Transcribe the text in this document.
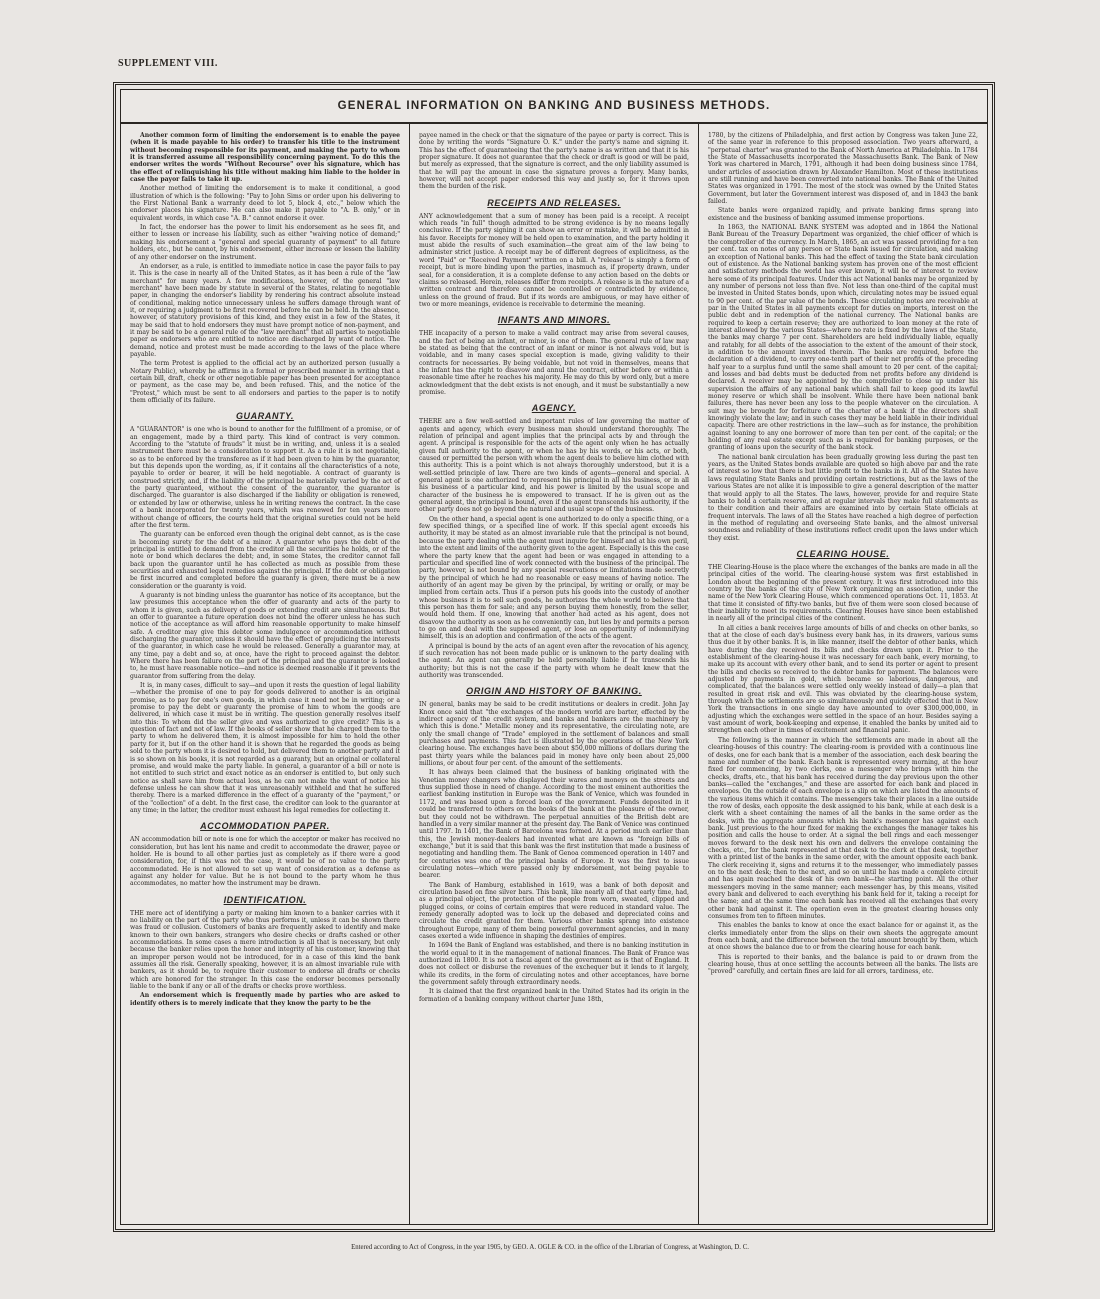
SUPPLEMENT VIII.
GENERAL INFORMATION ON BANKING AND BUSINESS METHODS.

Another common form of limiting the endorsement is to enable the payee (when it is made payable to his order) to transfer his title to the instrument without becoming responsible for its payment, and making the party to whom it is transferred assume all responsibility concerning payment. To do this the endorser writes the words "Without Recourse" over his signature, which has the effect of relinquishing his title without making him liable to the holder in case the payor fails to take it up.

Another method of limiting the endorsement is to make it conditional, a good illustration of which is the following: "Pay to John Sims or order upon his delivering to the First National Bank a warranty deed to lot 5, block 4, etc.," below which the endorser places his signature. He can also make it payable to "A. B. only," or in equivalent words, in which case "A. B." cannot endorse it over.

In fact, the endorser has the power to limit his endorsement as he sees fit, and either to lessen or increase his liability, such as either "waiving notice of demand;" making his endorsement a "general and special guaranty of payment" to all future holders, etc., but he cannot, by his endorsement, either increase or lessen the liability of any other endorser on the instrument.

An endorser, as a rule, is entitled to immediate notice in case the payor fails to pay it. This is the case in nearly all of the United States, as it has been a rule of the "law merchant" for many years. A few modifications, however, of the general "law merchant" have been made by statute in several of the States, relating to negotiable paper, in changing the endorser's liability by rendering his contract absolute instead of conditional, making notice unnecessary unless he suffers damage through want of it, or requiring a judgment to be first recovered before he can be held. In the absence, however, of statutory provisions of this kind, and they exist in a few of the States, it may be said that to hold endorsers they must have prompt notice of non-payment, and it may be said to be a general rule of the "law merchant" that all parties to negotiable paper as endorsers who are entitled to notice are discharged by want of notice. The demand, notice and protest must be made according to the laws of the place where payable.

The term Protest is applied to the official act by an authorized person (usually a Notary Public), whereby he affirms in a formal or prescribed manner in writing that a certain bill, draft, check or other negotiable paper has been presented for acceptance or payment, as the case may be, and been refused. This, and the notice of the "Protest," which must be sent to all endorsers and parties to the paper is to notify them officially of its failure.

GUARANTY.

A "GUARANTOR" is one who is bound to another for the fulfillment of a promise, or of an engagement, made by a third party. This kind of contract is very common. According to the "statute of frauds" it must be in writing, and, unless it is a sealed instrument there must be a consideration to support it. As a rule it is not negotiable, so as to be enforced by the transferee as if it had been given to him by the guarantor, but this depends upon the wording, as, if it contains all the characteristics of a note, payable to order or bearer, it will be held negotiable. A contract of guaranty is construed strictly, and, if the liability of the principal be materially varied by the act of the party guaranteed, without the consent of the guarantor, the guarantor is discharged. The guarantor is also discharged if the liability or obligation is renewed, or extended by law or otherwise, unless he in writing renews the contract. In the case of a bank incorporated for twenty years, which was renewed for ten years more without change of officers, the courts held that the original sureties could not be held after the first term.

The guaranty can be enforced even though the original debt cannot, as is the case in becoming surety for the debt of a minor. A guarantor who pays the debt of the principal is entitled to demand from the creditor all the securities he holds, or of the note or bond which declares the debt; and, in some States, the creditor cannot fall back upon the guarantor until he has collected as much as possible from these securities and exhausted legal remedies against the principal. If the debt or obligation be first incurred and completed before the guaranty is given, there must be a new consideration or the guaranty is void.

A guaranty is not binding unless the guarantor has notice of its acceptance, but the law presumes this acceptance when the offer of guaranty and acts of the party to whom it is given, such as delivery of goods or extending credit are simultaneous. But an offer to guarantee a future operation does not bind the offerer unless he has such notice of the acceptance as will afford him reasonable opportunity to make himself safe. A creditor may give this debtor some indulgence or accommodation without discharging the guarantor, unless it should have the effect of prejudicing the interests of the guarantor, in which case he would be released. Generally a guarantor may, at any time, pay a debt and so, at once, have the right to proceed against the debtor. Where there has been failure on the part of the principal and the guarantor is looked to, he must have reasonable notice—and notice is deemed reasonable if it prevents the guarantor from suffering from the delay.

It is, in many cases, difficult to say—and upon it rests the question of legal liability—whether the promise of one to pay for goods delivered to another is an original promise, as to pay for one's own goods, in which case it need not be in writing; or a promise to pay the debt or guaranty the promise of him to whom the goods are delivered, in which case it must be in writing. The question generally resolves itself into this: To whom did the seller give and was authorized to give credit? This is a question of fact and not of law. If the books of seller show that he charged them to the party to whom he delivered them, it is almost impossible for him to hold the other party for it, but if on the other hand it is shown that he regarded the goods as being sold to the party whom it is desired to hold, but delivered them to another party and it is so shown on his books, it is not regarded as a guaranty, but an original or collateral promise, and would make the party liable. In general, a guarantor of a bill or note is not entitled to such strict and exact notice as an endorser is entitled to, but only such notice as shall save him from actual loss, as he can not make the want of notice his defense unless he can show that it was unreasonably withheld and that he suffered thereby. There is a marked difference in the effect of a guaranty of the "payment," or of the "collection" of a debt. In the first case, the creditor can look to the guarantor at any time; in the latter, the creditor must exhaust his legal remedies for collecting it.

ACCOMMODATION PAPER.

AN accommodation bill or note is one for which the acceptor or maker has received no consideration, but has lent his name and credit to accommodate the drawer, payee or holder. He is bound to all other parties just as completely as if there were a good consideration, for, if this was not the case, it would be of no value to the party accommodated. He is not allowed to set up want of consideration as a defense as against any holder for value. But he is not bound to the party whom he thus accommodates, no matter how the instrument may be drawn.

IDENTIFICATION.

THE mere act of identifying a party or making him known to a banker carries with it no liability on the part of the party who thus performs it, unless it can be shown there was fraud or collusion. Customers of banks are frequently asked to identify and make known to their own bankers, strangers who desire checks or drafts cashed or other accommodations. In some cases a mere introduction is all that is necessary, but only because the banker relies upon the honor and integrity of his customer, knowing that an improper person would not be introduced, for in a case of this kind the bank assumes all the risk. Generally speaking, however, it is an almost invariable rule with bankers, as it should be, to require their customer to endorse all drafts or checks which are honored for the stranger. In this case the endorser becomes personally liable to the bank if any or all of the drafts or checks prove worthless.

An endorsement which is frequently made by parties who are asked to identify others is to merely indicate that they know the party to be the

payee named in the check or that the signature of the payee or party is correct. This is done by writing the words "Signature O. K." under the party's name and signing it. This has the effect of guaranteeing that the party's name is as written and that it is his proper signature. It does not guarantee that the check or draft is good or will be paid, but merely as expressed, that the signature is correct, and the only liability assumed is that he will pay the amount in case the signature proves a forgery. Many banks, however, will not accept paper endorsed this way and justly so, for it throws upon them the burden of the risk.

RECEIPTS AND RELEASES.

ANY acknowledgement that a sum of money has been paid is a receipt. A receipt which reads "in full" though admitted to be strong evidence is by no means legally conclusive. If the party signing it can show an error or mistake, it will be admitted in his favor. Receipts for money will be held open to examination, and the party holding it must abide the results of such examination—the great aim of the law being to administer strict justice. A receipt may be of different degrees of explicitness, as the word "Paid" or "Received Payment" written on a bill. A "release" is simply a form of receipt, but is more binding upon the parties, inasmuch as, if property drawn, under seal, for a consideration, it is a complete defense to any action based on the debts or claims so released. Herein, releases differ from receipts. A release is in the nature of a written contract and therefore cannot be controlled or contradicted by evidence, unless on the ground of fraud. But if its words are ambiguous, or may have either of two or more meanings, evidence is receivable to determine the meaning.

INFANTS AND MINORS.

THE incapacity of a person to make a valid contract may arise from several causes, and the fact of being an infant, or minor, is one of them. The general rule of law may be stated as being that the contract of an infant or minor is not always void, but is voidable, and in many cases special exception is made, giving validity to their contracts for necessaries. By being voidable, but not void in themselves, means that the infant has the right to disavow and annul the contract, either before or within a reasonable time after he reaches his majority. He may do this by word only, but a mere acknowledgment that the debt exists is not enough, and it must be substantially a new promise.

AGENCY.

THERE are a few well-settled and important rules of law governing the matter of agents and agency, which every business man should understand thoroughly. The relation of principal and agent implies that the principal acts by and through the agent. A principal is responsible for the acts of the agent only when he has actually given full authority to the agent, or when he has by his words, or his acts, or both, caused or permitted the person with whom the agent deals to believe him clothed with this authority. This is a point which is not always thoroughly understood, but it is a well-settled principle of law. There are two kinds of agents—general and special. A general agent is one authorized to represent his principal in all his business, or in all his business of a particular kind, and his power is limited by the usual scope and character of the business he is empowered to transact. If he is given out as the general agent, the principal is bound, even if the agent transcends his authority, if the other party does not go beyond the natural and usual scope of the business.

On the other hand, a special agent is one authorized to do only a specific thing, or a few specified things, or a specified line of work. If this special agent exceeds his authority, it may be stated as an almost invariable rule that the principal is not bound, because the party dealing with the agent must inquire for himself and at his own peril, into the extent and limits of the authority given to the agent. Especially is this the case where the party knew that the agent had been or was engaged in attending to a particular and specified line of work connected with the business of the principal. The party, however, is not bound by any special reservations or limitations made secretly by the principal of which he had no reasonable or easy means of having notice. The authority of an agent may be given by the principal, by writing or orally, or may be implied from certain acts. Thus if a person puts his goods into the custody of another whose business it is to sell such goods, he authorizes the whole world to believe that this person has them for sale; and any person buying them honestly, from the seller, would hold them. If one, knowing that another had acted as his agent, does not disavow the authority as soon as he conveniently can, but lies by and permits a person to go on and deal with the supposed agent, or lose an opportunity of indemnifying himself, this is an adoption and confirmation of the acts of the agent.

A principal is bound by the acts of an agent even after the revocation of his agency, if such revocation has not been made public or is unknown to the party dealing with the agent. An agent can generally be held personally liable if he transcends his authority; but this is not the case if the party with whom he dealt knew that the authority was transcended.

ORIGIN AND HISTORY OF BANKING.

IN general, banks may be said to be credit institutions or dealers in credit. John Jay Knox once said that "the exchanges of the modern world are barter, effected by the indirect agency of the credit system, and banks and bankers are the machinery by which this is done." Metallic money and its representative, the circulating note, are only the small change of "Trade" employed in the settlement of balances and small purchases and payments. This fact is illustrated by the operations of the New York clearing house. The exchanges have been about $50,000 millions of dollars during the past thirty years while the balances paid in money have only been about 25,000 millions, or about four per cent. of the amount of the settlements.

It has always been claimed that the business of banking originated with the Venetian money changers who displayed their wares and moneys on the streets and thus supplied those in need of change. According to the most eminent authorities the earliest banking institution in Europe was the Bank of Venice, which was founded in 1172, and was based upon a forced loan of the government. Funds deposited in it could be transferred to others on the books of the bank at the pleasure of the owner, but they could not be withdrawn. The perpetual annuities of the British debt are handled in a very similar manner at the present day. The Bank of Venice was continued until 1797. In 1401, the Bank of Barcelona was formed. At a period much earlier than this, the Jewish money-dealers had invented what are known as "foreign bills of exchange," but it is said that this bank was the first institution that made a business of negotiating and handling them. The Bank of Genoa commenced operation in 1407 and for centuries was one of the principal banks of Europe. It was the first to issue circulating notes—which were passed only by endorsement, not being payable to bearer.

The Bank of Hamburg, established in 1619, was a bank of both deposit and circulation based on fine silver bars. This bank, like nearly all of that early time, had, as a principal object, the protection of the people from worn, sweated, clipped and plugged coins, or coins of certain empires that were reduced in standard value. The remedy generally adopted was to lock up the debased and depreciated coins and circulate the credit granted for them. Various other banks sprang into existence throughout Europe, many of them being powerful government agencies, and in many cases exerted a wide influence in shaping the destinies of empires.

In 1694 the Bank of England was established, and there is no banking institution in the world equal to it in the management of national finances. The Bank of France was authorized in 1800. It is not a fiscal agent of the government as is that of England. It does not collect or disburse the revenues of the exchequer but it lends to it largely, while its credits, in the form of circulating notes and other acceptances, have borne the government safely through extraordinary needs.

It is claimed that the first organized bank in the United States had its origin in the formation of a banking company without charter June 18th,

1780, by the citizens of Philadelphia, and first action by Congress was taken June 22, of the same year in reference to this proposed association. Two years afterward, a "perpetual charter" was granted to the Bank of North America at Philadelphia. In 1784 the State of Massachusetts incorporated the Massachusetts Bank. The Bank of New York was chartered in March, 1791, although it had been doing business since 1784, under articles of association drawn by Alexander Hamilton. Most of these institutions are still running and have been converted into national banks. The Bank of the United States was organized in 1791. The most of the stock was owned by the United States Government, but later the Government interest was disposed of, and in 1843 the bank failed.

State banks were organized rapidly, and private banking firms sprang into existence and the business of banking assumed immense proportions.

In 1863, the NATIONAL BANK SYSTEM was adopted and in 1864 the National Bank Bureau of the Treasury Department was organized, the chief officer of which is the comptroller of the currency. In March, 1865, an act was passed providing for a ten per cent. tax on notes of any person or State bank issued for circulation, and making an exception of National banks. This had the effect of taxing the State bank circulation out of existence. As the National banking system has proven one of the most efficient and satisfactory methods the world has ever known, it will be of interest to review here some of its principal features. Under this act National banks may be organized by any number of persons not less than five. Not less than one-third of the capital must be invested in United States bonds, upon which, circulating notes may be issued equal to 90 per cent. of the par value of the bonds. These circulating notes are receivable at par in the United States in all payments except for duties on imports, interest on the public debt and in redemption of the national currency. The National banks are required to keep a certain reserve; they are authorized to loan money at the rate of interest allowed by the various States—where no rate is fixed by the laws of the State, the banks may charge 7 per cent. Shareholders are held individually liable, equally and ratably, for all debts of the association to the extent of the amount of their stock, in addition to the amount invested therein. The banks are required, before the declaration of a dividend, to carry one-tenth part of their net profits of the preceding half year to a surplus fund until the same shall amount to 20 per cent. of the capital; and losses and bad debts must be deducted from net profits before any dividend is declared. A receiver may be appointed by the comptroller to close up under his supervision the affairs of any national bank which shall fail to keep good its lawful money reserve or which shall be insolvent. While there have been national bank failures, there has never been any loss to the people whatever on the circulation. A suit may be brought for forfeiture of the charter of a bank if the directors shall knowingly violate the law; and in such cases they may be held liable in their individual capacity. There are other restrictions in the law—such as for instance, the prohibition against loaning to any one borrower of more than ten per cent. of the capital; or the holding of any real estate except such as is required for banking purposes, or the granting of loans upon the security of the bank stock.

The national bank circulation has been gradually growing less during the past ten years, as the United States bonds available are quoted so high above par and the rate of interest so low that there is but little profit to the banks in it. All of the States have laws regulating State Banks and providing certain restrictions, but as the laws of the various States are not alike it is impossible to give a general description of the matter that would apply to all the States. The laws, however, provide for and require State banks to hold a certain reserve, and at regular intervals they make full statements as to their condition and their affairs are examined into by certain State officials at frequent intervals. The laws of all the States have reached a high degree of perfection in the method of regulating and overseeing State banks, and the almost universal soundness and reliability of these institutions reflect credit upon the laws under which they exist.

CLEARING HOUSE.

THE Clearing-House is the place where the exchanges of the banks are made in all the principal cities of the world. The clearing-house system was first established in London about the beginning of the present century. It was first introduced into this country by the banks of the city of New York organizing an association, under the name of the New York Clearing House, which commenced operations Oct. 11, 1853. At that time it consisted of fifty-two banks, but five of them were soon closed because of their inability to meet its requirements. Clearing Houses have since been established in nearly all of the principal cities of the continent.

In all cities a bank receives large amounts of bills of and checks on other banks, so that at the close of each day's business every bank has, in its drawers, various sums thus due it by other banks. It is, in like manner, itself the debtor of other banks, which have during the day received its bills and checks drawn upon it. Prior to the establishment of the clearing-house it was necessary for each bank, every morning, to make up its account with every other bank, and to send its porter or agent to present the bills and checks so received to the debtor banks for payment. The balances were adjusted by payments in gold, which became so laborious, dangerous, and complicated, that the balances were settled only weekly instead of daily—a plan that resulted in great risk and evil. This was obviated by the clearing-house system, through which the settlements are so simultaneously and quickly effected that in New York the transactions in one single day have amounted to over $300,000,000, in adjusting which the exchanges were settled in the space of an hour. Besides saying a vast amount of work, book-keeping and expense, it enabled the banks by united aid to strengthen each other in times of excitement and financial panic.

The following is the manner in which the settlements are made in about all the clearing-houses of this country: The clearing-room is provided with a continuous line of desks, one for each bank that is a member of the association, each desk bearing the name and number of the bank. Each bank is represented every morning, at the hour fixed for commencing, by two clerks, one a messenger who brings with him the checks, drafts, etc., that his bank has received during the day previous upon the other banks—called the "exchanges," and these are assorted for each bank and placed in envelopes. On the outside of each envelope is a slip on which are listed the amounts of the various items which it contains. The messengers take their places in a line outside the row of desks, each opposite the desk assigned to his bank, while at each desk is a clerk with a sheet containing the names of all the banks in the same order as the desks, with the aggregate amounts which his bank's messenger has against each bank. Just previous to the hour fixed for making the exchanges the manager takes his position and calls the house to order. At a signal the bell rings and each messenger moves forward to the desk next his own and delivers the envelope containing the checks, etc., for the bank represented at that desk to the clerk at that desk, together with a printed list of the banks in the same order, with the amount opposite each bank. The clerk receiving it, signs and returns it to the messenger, who immediately passes on to the next desk; then to the next, and so on until he has made a complete circuit and has again reached the desk of his own bank—the starting point. All the other messengers moving in the same manner; each messenger has, by this means, visited every bank and delivered to each everything his bank held for it, taking a receipt for the same; and at the same time each bank has received all the exchanges that every other bank had against it. The operation even in the greatest clearing houses only consumes from ten to fifteen minutes.

This enables the banks to know at once the exact balance for or against it, as the clerks immediately enter from the slips on their own sheets the aggregate amount from each bank, and the difference between the total amount brought by them, which at once shows the balance due to or from the clearing house for each bank.

This is reported to their banks, and the balance is paid to or drawn from the clearing house, thus at once settling the accounts between all the banks. The lists are "proved" carefully, and certain fines are laid for all errors, tardiness, etc.

Entered according to Act of Congress, in the year 1905, by GEO. A. OGLE & CO. in the office of the Librarian of Congress, at Washington, D. C.
